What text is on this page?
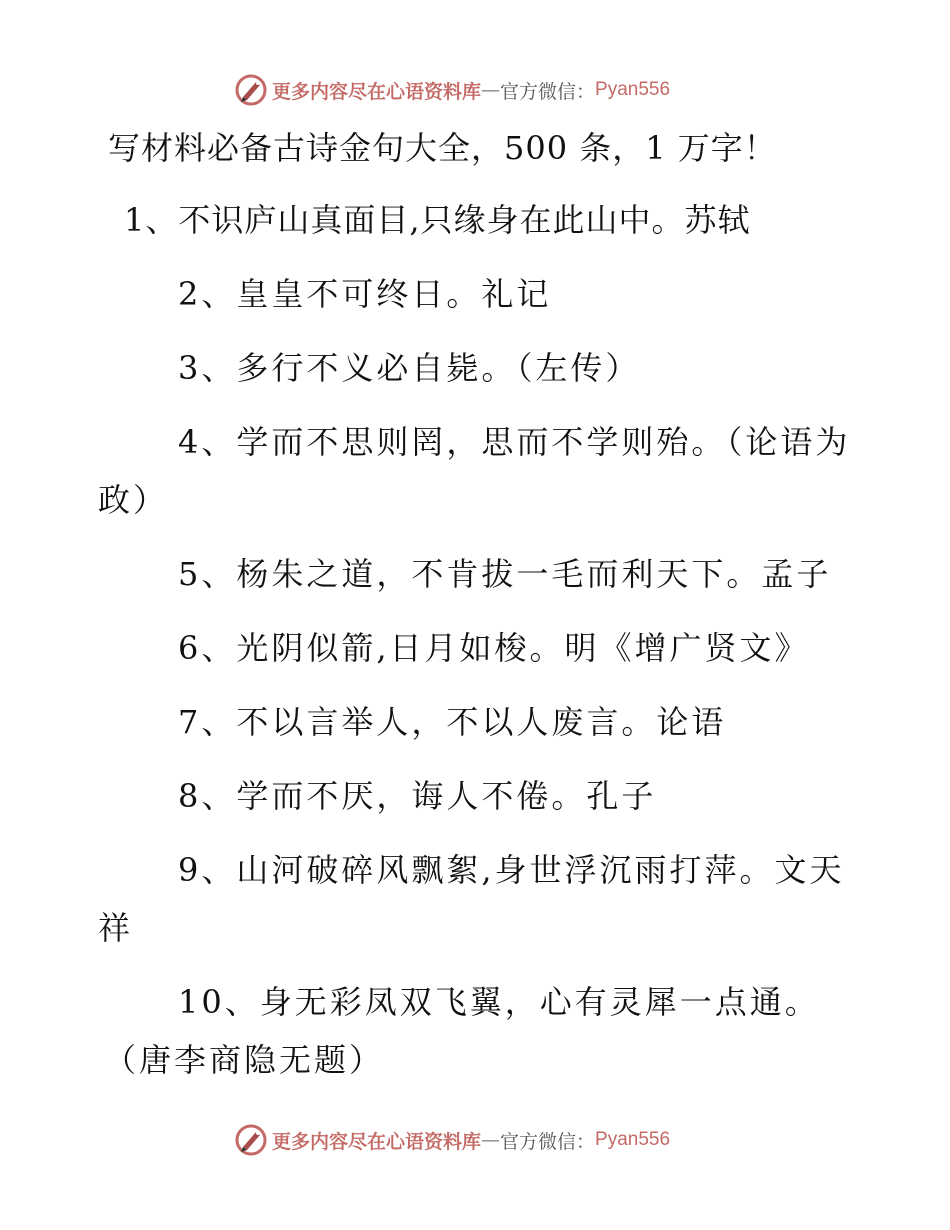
更多内容尽在心语资料库 — 官方微信： Pyan556
写材料必备古诗金句大全，500 条，1 万字！
1、不识庐山真面目,只缘身在此山中。苏轼
2、皇皇不可终日。礼记
3、多行不义必自毙。（左传）
4、学而不思则罔，思而不学则殆。（论语为
政）
5、杨朱之道，不肯拔一毛而利天下。孟子
6、光阴似箭,日月如梭。明《增广贤文》
7、不以言举人，不以人废言。论语
8、学而不厌，诲人不倦。孔子
9、山河破碎风飘絮,身世浮沉雨打萍。文天
祥
10、身无彩凤双飞翼，心有灵犀一点通。
（唐李商隐无题）
更多内容尽在心语资料库 — 官方微信： Pyan556
